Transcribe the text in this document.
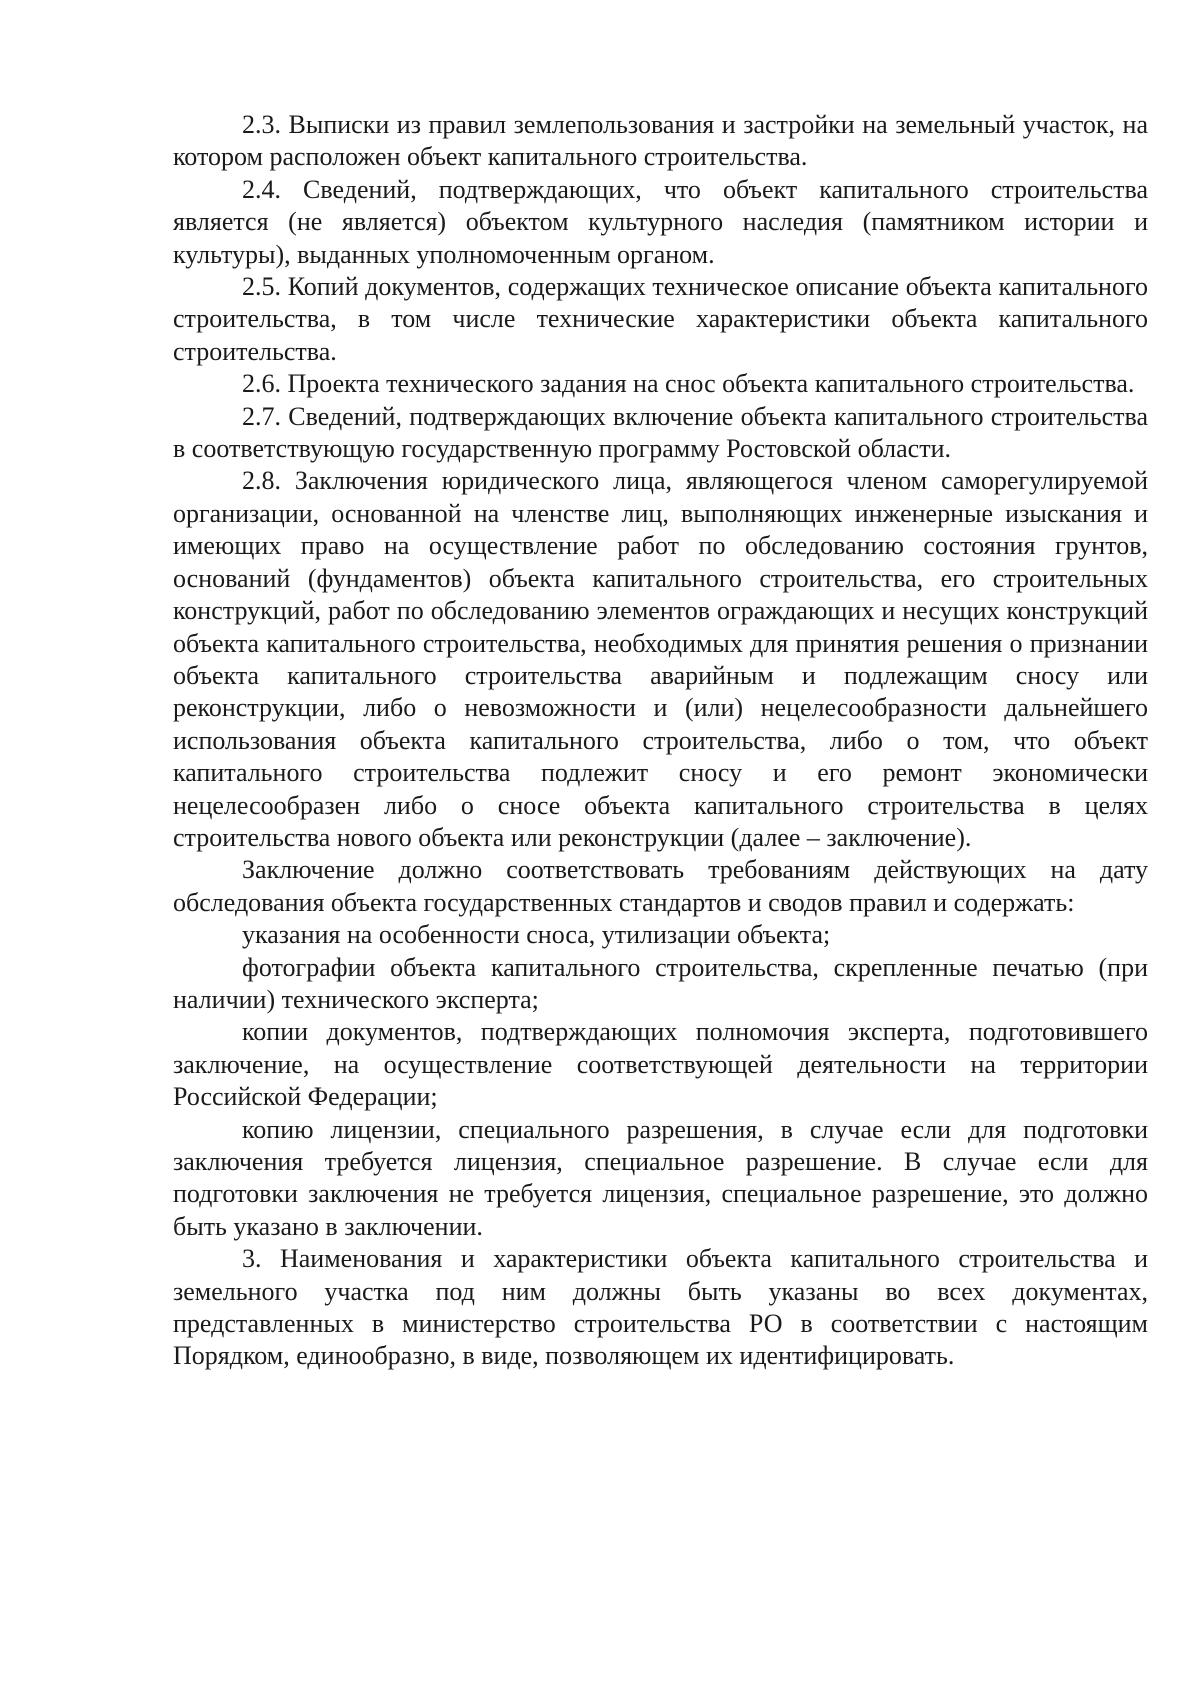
2.3. Выписки из правил землепользования и застройки на земельный участок, на котором расположен объект капитального строительства.

2.4. Сведений, подтверждающих, что объект капитального строительства является (не является) объектом культурного наследия (памятником истории и культуры), выданных уполномоченным органом.

2.5. Копий документов, содержащих техническое описание объекта капитального строительства, в том числе технические характеристики объекта капитального строительства.

2.6. Проекта технического задания на снос объекта капитального строительства.

2.7. Сведений, подтверждающих включение объекта капитального строительства в соответствующую государственную программу Ростовской области.

2.8. Заключения юридического лица, являющегося членом саморегулируемой организации, основанной на членстве лиц, выполняющих инженерные изыскания и имеющих право на осуществление работ по обследованию состояния грунтов, оснований (фундаментов) объекта капитального строительства, его строительных конструкций, работ по обследованию элементов ограждающих и несущих конструкций объекта капитального строительства, необходимых для принятия решения о признании объекта капитального строительства аварийным и подлежащим сносу или реконструкции, либо о невозможности и (или) нецелесообразности дальнейшего использования объекта капитального строительства, либо о том, что объект капитального строительства подлежит сносу и его ремонт экономически нецелесообразен либо о сносе объекта капитального строительства в целях строительства нового объекта или реконструкции (далее – заключение).

Заключение должно соответствовать требованиям действующих на дату обследования объекта государственных стандартов и сводов правил и содержать:

указания на особенности сноса, утилизации объекта;

фотографии объекта капитального строительства, скрепленные печатью (при наличии) технического эксперта;

копии документов, подтверждающих полномочия эксперта, подготовившего заключение, на осуществление соответствующей деятельности на территории Российской Федерации;

копию лицензии, специального разрешения, в случае если для подготовки заключения требуется лицензия, специальное разрешение. В случае если для подготовки заключения не требуется лицензия, специальное разрешение, это должно быть указано в заключении.

3. Наименования и характеристики объекта капитального строительства и земельного участка под ним должны быть указаны во всех документах, представленных в министерство строительства РО в соответствии с настоящим Порядком, единообразно, в виде, позволяющем их идентифицировать.
